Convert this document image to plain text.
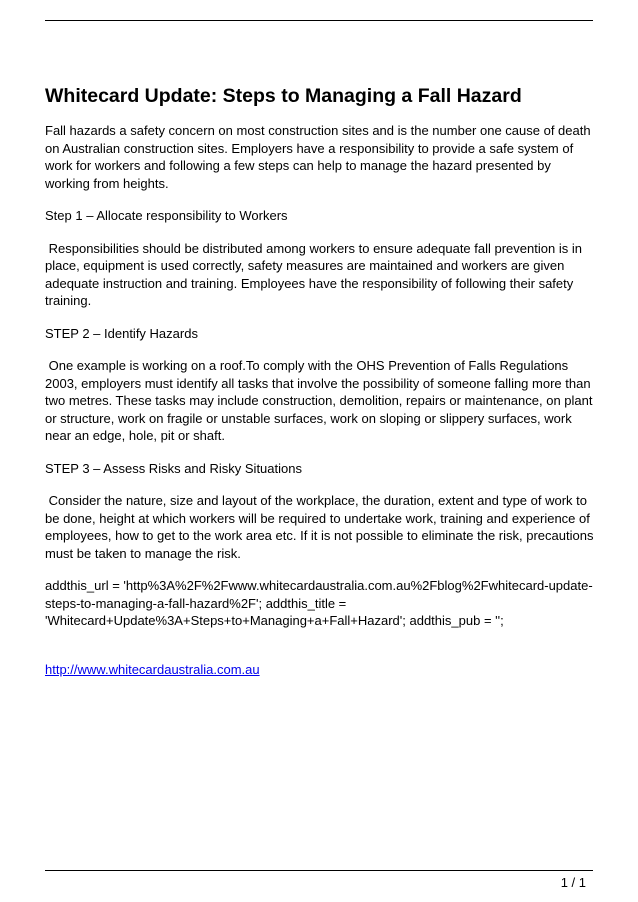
Whitecard Update: Steps to Managing a Fall Hazard

Fall hazards a safety concern on most construction sites and is the number one cause of death on Australian construction sites. Employers have a responsibility to provide a safe system of work for workers and following a few steps can help to manage the hazard presented by working from heights.

Step 1 – Allocate responsibility to Workers

Responsibilities should be distributed among workers to ensure adequate fall prevention is in place, equipment is used correctly, safety measures are maintained and workers are given adequate instruction and training. Employees have the responsibility of following their safety training.

STEP 2 – Identify Hazards

One example is working on a roof.To comply with the OHS Prevention of Falls Regulations 2003, employers must identify all tasks that involve the possibility of someone falling more than two metres. These tasks may include construction, demolition, repairs or maintenance, on plant or structure, work on fragile or unstable surfaces, work on sloping or slippery surfaces, work near an edge, hole, pit or shaft.

STEP 3 – Assess Risks and Risky Situations

Consider the nature, size and layout of the workplace, the duration, extent and type of work to be done, height at which workers will be required to undertake work, training and experience of employees, how to get to the work area etc. If it is not possible to eliminate the risk, precautions must be taken to manage the risk.

addthis_url = 'http%3A%2F%2Fwww.whitecardaustralia.com.au%2Fblog%2Fwhitecard-update-steps-to-managing-a-fall-hazard%2F'; addthis_title = 'Whitecard+Update%3A+Steps+to+Managing+a+Fall+Hazard'; addthis_pub = '';

http://www.whitecardaustralia.com.au
1 / 1
